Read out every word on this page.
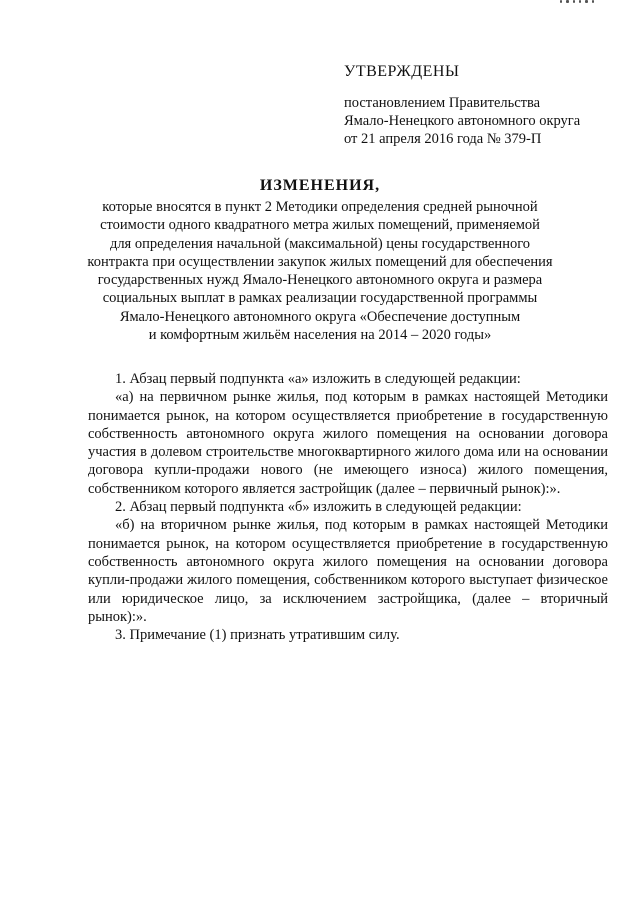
УТВЕРЖДЕНЫ

постановлением Правительства

Ямало-Ненецкого автономного округа

от 21 апреля 2016 года № 379-П

ИЗМЕНЕНИЯ,

которые вносятся в пункт 2 Методики определения средней рыночной

стоимости одного квадратного метра жилых помещений, применяемой

для определения начальной (максимальной) цены государственного

контракта при осуществлении закупок жилых помещений для обеспечения

государственных нужд Ямало-Ненецкого автономного округа и размера

социальных выплат в рамках реализации государственной программы

Ямало-Ненецкого автономного округа «Обеспечение доступным

и комфортным жильём населения на 2014 – 2020 годы»

1. Абзац первый подпункта «а» изложить в следующей редакции:

«а) на первичном рынке жилья, под которым в рамках настоящей Методики понимается рынок, на котором осуществляется приобретение в государственную собственность автономного округа жилого помещения на основании договора участия в долевом строительстве многоквартирного жилого дома или на основании договора купли-продажи нового (не имеющего износа) жилого помещения, собственником которого является застройщик (далее – первичный рынок):».

2. Абзац первый подпункта «б» изложить в следующей редакции:

«б) на вторичном рынке жилья, под которым в рамках настоящей Методики понимается рынок, на котором осуществляется приобретение в государственную собственность автономного округа жилого помещения на основании договора купли-продажи жилого помещения, собственником которого выступает физическое или юридическое лицо, за исключением застройщика, (далее – вторичный рынок):».

3. Примечание (1) признать утратившим силу.
